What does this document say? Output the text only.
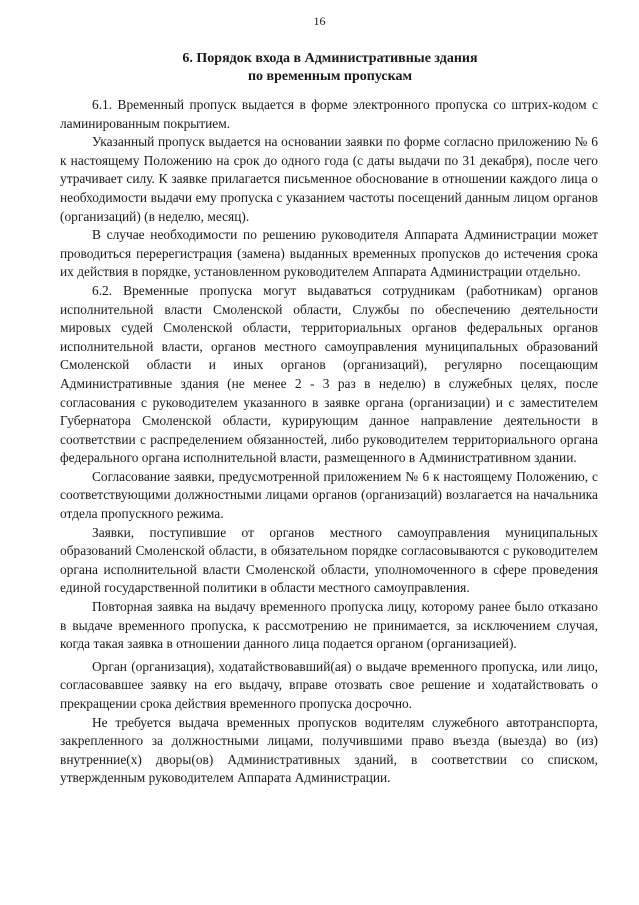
16
6. Порядок входа в Административные здания
по временным пропускам

6.1. Временный пропуск выдается в форме электронного пропуска со штрих-кодом с ламинированным покрытием.

Указанный пропуск выдается на основании заявки по форме согласно приложению № 6 к настоящему Положению на срок до одного года (с даты выдачи по 31 декабря), после чего утрачивает силу. К заявке прилагается письменное обоснование в отношении каждого лица о необходимости выдачи ему пропуска с указанием частоты посещений данным лицом органов (организаций) (в неделю, месяц).

В случае необходимости по решению руководителя Аппарата Администрации может проводиться перерегистрация (замена) выданных временных пропусков до истечения срока их действия в порядке, установленном руководителем Аппарата Администрации отдельно.

6.2. Временные пропуска могут выдаваться сотрудникам (работникам) органов исполнительной власти Смоленской области, Службы по обеспечению деятельности мировых судей Смоленской области, территориальных органов федеральных органов исполнительной власти, органов местного самоуправления муниципальных образований Смоленской области и иных органов (организаций), регулярно посещающим Административные здания (не менее 2 - 3 раз в неделю) в служебных целях, после согласования с руководителем указанного в заявке органа (организации) и с заместителем Губернатора Смоленской области, курирующим данное направление деятельности в соответствии с распределением обязанностей, либо руководителем территориального органа федерального органа исполнительной власти, размещенного в Административном здании.

Согласование заявки, предусмотренной приложением № 6 к настоящему Положению, с соответствующими должностными лицами органов (организаций) возлагается на начальника отдела пропускного режима.

Заявки, поступившие от органов местного самоуправления муниципальных образований Смоленской области, в обязательном порядке согласовываются с руководителем органа исполнительной власти Смоленской области, уполномоченного в сфере проведения единой государственной политики в области местного самоуправления.

Повторная заявка на выдачу временного пропуска лицу, которому ранее было отказано в выдаче временного пропуска, к рассмотрению не принимается, за исключением случая, когда такая заявка в отношении данного лица подается органом (организацией).

Орган (организация), ходатайствовавший(ая) о выдаче временного пропуска, или лицо, согласовавшее заявку на его выдачу, вправе отозвать свое решение и ходатайствовать о прекращении срока действия временного пропуска досрочно.

Не требуется выдача временных пропусков водителям служебного автотранспорта, закрепленного за должностными лицами, получившими право въезда (выезда) во (из) внутренние(х) дворы(ов) Административных зданий, в соответствии со списком, утвержденным руководителем Аппарата Администрации.
